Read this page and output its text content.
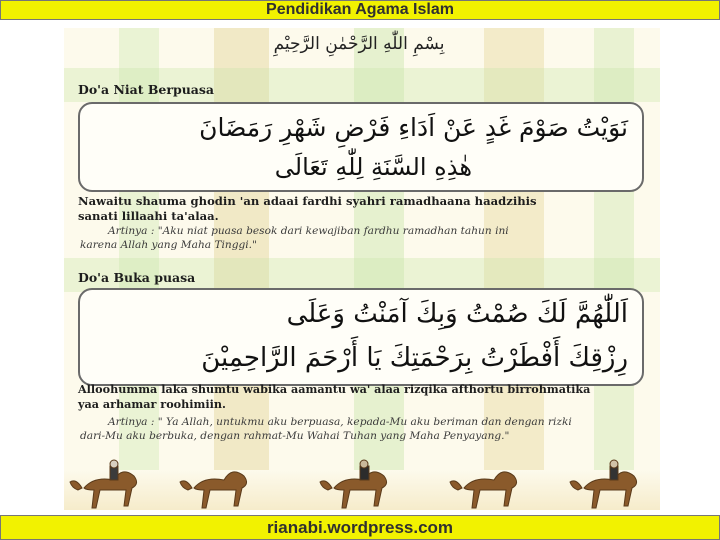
Pendidikan Agama Islam
بِسْمِ اللّٰهِ الرَّحْمٰنِ الرَّحِيْمِ
Do'a Niat Berpuasa
نَوَيْتُ صَوْمَ غَدٍ عَنْ اَدَاءِ فَرْضِ شَهْرِ رَمَضَانَ
هٰذِهِ السَّنَةِ لِلّٰهِ تَعَالَى
Nawaitu shauma ghodin 'an adaai fardhi syahri ramadhaana haadzihis
sanati lillaahi ta'alaa.
Artinya : "Aku niat puasa besok dari kewajiban fardhu ramadhan tahun ini
karena Allah yang Maha Tinggi."
Do'a Buka puasa
اَللّٰهُمَّ لَكَ صُمْتُ وَبِكَ آمَنْتُ وَعَلَى
رِزْقِكَ أَفْطَرْتُ بِرَحْمَتِكَ يَا أَرْحَمَ الرَّاحِمِيْنَ
Alloohumma laka shumtu wabika aamantu wa' alaa rizqika afthortu birrohmatika
yaa arhamar roohimiin.
Artinya : " Ya Allah, untukmu aku berpuasa, kepada-Mu aku beriman dan dengan rizki
dari-Mu aku berbuka, dengan rahmat-Mu Wahai Tuhan yang Maha Penyayang."
rianabi.wordpress.com
